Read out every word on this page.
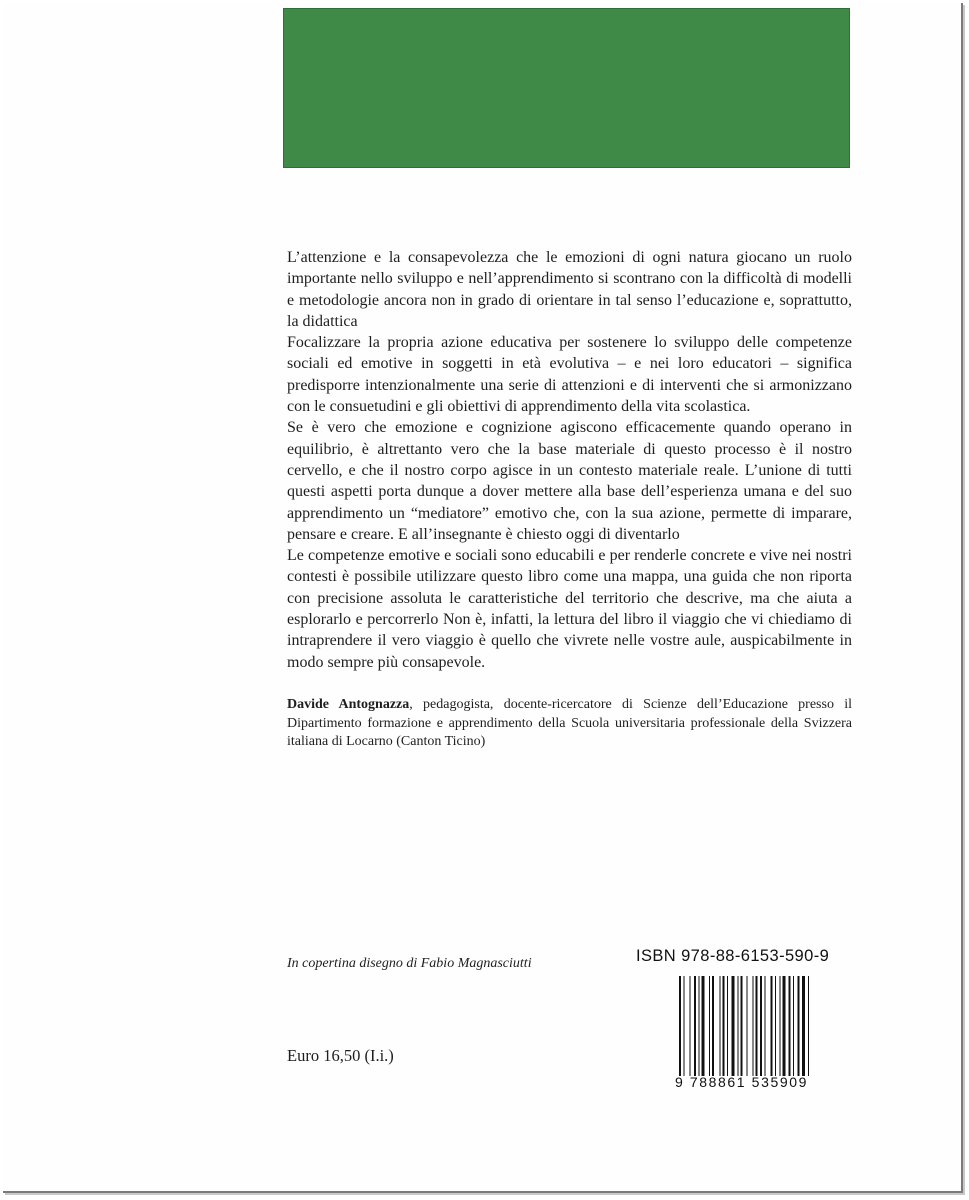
L’attenzione e la consapevolezza che le emozioni di ogni natura giocano un ruolo importante nello sviluppo e nell’apprendimento si scontrano con la difficoltà di modelli e metodologie ancora non in grado di orientare in tal senso l’educazione e, soprattutto, la didattica

Focalizzare la propria azione educativa per sostenere lo sviluppo delle competenze sociali ed emotive in soggetti in età evolutiva – e nei loro educatori – significa predisporre intenzionalmente una serie di attenzioni e di interventi che si armonizzano con le consuetudini e gli obiettivi di apprendimento della vita scolastica.

Se è vero che emozione e cognizione agiscono efficacemente quando operano in equilibrio, è altrettanto vero che la base materiale di questo processo è il nostro cervello, e che il nostro corpo agisce in un contesto materiale reale. L’unione di tutti questi aspetti porta dunque a dover mettere alla base dell’esperienza umana e del suo apprendimento un “mediatore” emotivo che, con la sua azione, permette di imparare, pensare e creare. E all’insegnante è chiesto oggi di diventarlo

Le competenze emotive e sociali sono educabili e per renderle concrete e vive nei nostri contesti è possibile utilizzare questo libro come una mappa, una guida che non riporta con precisione assoluta le caratteristiche del territorio che descrive, ma che aiuta a esplorarlo e percorrerlo Non è, infatti, la lettura del libro il viaggio che vi chiediamo di intraprendere il vero viaggio è quello che vivrete nelle vostre aule, auspicabilmente in modo sempre più consapevole.

Davide Antognazza, pedagogista, docente-ricercatore di Scienze dell’Educazione presso il Dipartimento formazione e apprendimento della Scuola universitaria professionale della Svizzera italiana di Locarno (Canton Ticino)
In copertina disegno di Fabio Magnasciutti
Euro 16,50 (I.i.)
ISBN 978-88-6153-590-9
9 788861 535909
